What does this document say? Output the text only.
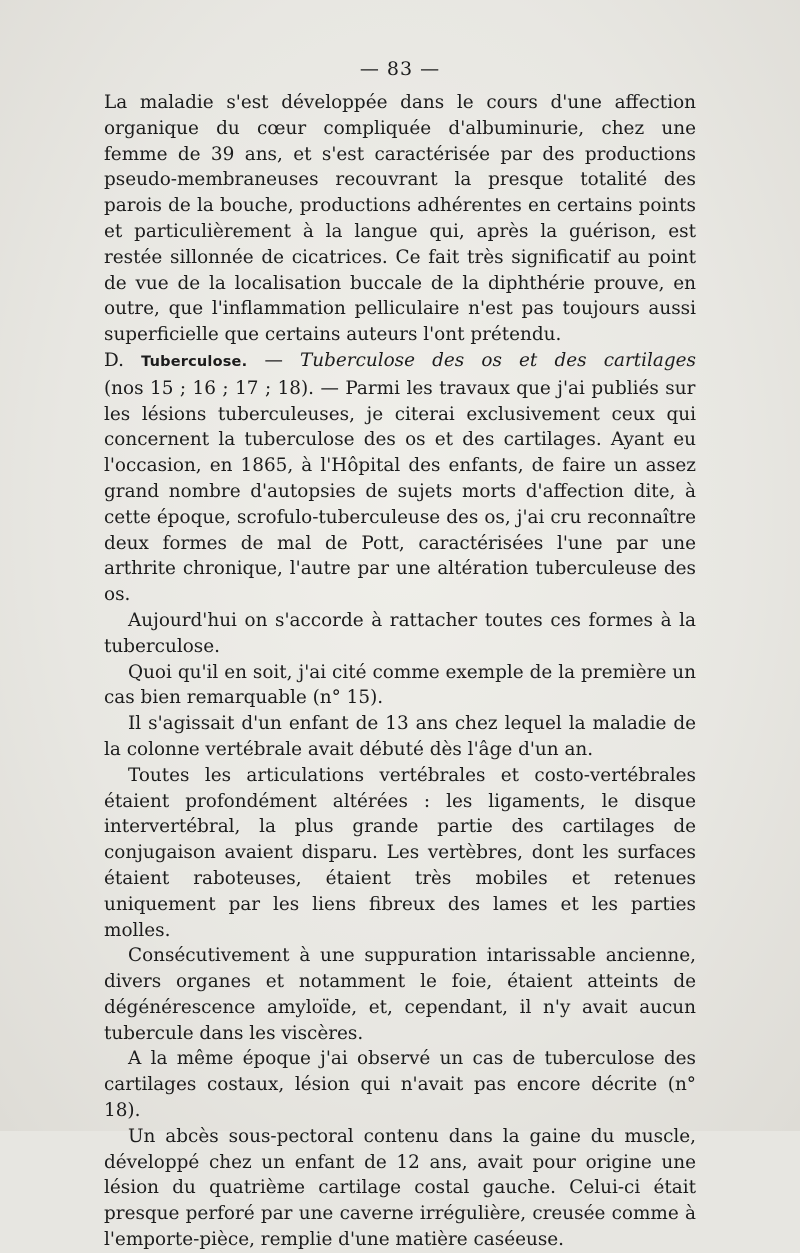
— 83 —

La maladie s'est développée dans le cours d'une affection organique du cœur compliquée d'albuminurie, chez une femme de 39 ans, et s'est caractérisée par des productions pseudo-membraneuses recouvrant la presque totalité des parois de la bouche, productions adhérentes en certains points et particulièrement à la langue qui, après la guérison, est restée sillonnée de cicatrices. Ce fait très significatif au point de vue de la localisation buccale de la diphthérie prouve, en outre, que l'inflammation pelliculaire n'est pas toujours aussi superficielle que certains auteurs l'ont prétendu.

D. Tuberculose. — Tuberculose des os et des cartilages (nos 15 ; 16 ; 17 ; 18). — Parmi les travaux que j'ai publiés sur les lésions tuberculeuses, je citerai exclusivement ceux qui concernent la tuberculose des os et des cartilages. Ayant eu l'occasion, en 1865, à l'Hôpital des enfants, de faire un assez grand nombre d'autopsies de sujets morts d'affection dite, à cette époque, scrofulo-tuberculeuse des os, j'ai cru reconnaître deux formes de mal de Pott, caractérisées l'une par une arthrite chronique, l'autre par une altération tuberculeuse des os.

Aujourd'hui on s'accorde à rattacher toutes ces formes à la tuberculose.

Quoi qu'il en soit, j'ai cité comme exemple de la première un cas bien remarquable (n° 15).

Il s'agissait d'un enfant de 13 ans chez lequel la maladie de la colonne vertébrale avait débuté dès l'âge d'un an.

Toutes les articulations vertébrales et costo-vertébrales étaient profondément altérées : les ligaments, le disque intervertébral, la plus grande partie des cartilages de conjugaison avaient disparu. Les vertèbres, dont les surfaces étaient raboteuses, étaient très mobiles et retenues uniquement par les liens fibreux des lames et les parties molles.

Consécutivement à une suppuration intarissable ancienne, divers organes et notamment le foie, étaient atteints de dégénérescence amyloïde, et, cependant, il n'y avait aucun tubercule dans les viscères.

A la même époque j'ai observé un cas de tuberculose des cartilages costaux, lésion qui n'avait pas encore décrite (n° 18).

Un abcès sous-pectoral contenu dans la gaine du muscle, développé chez un enfant de 12 ans, avait pour origine une lésion du quatrième cartilage costal gauche. Celui-ci était presque perforé par une caverne irrégulière, creusée comme à l'emporte-pièce, remplie d'une matière caséeuse.
